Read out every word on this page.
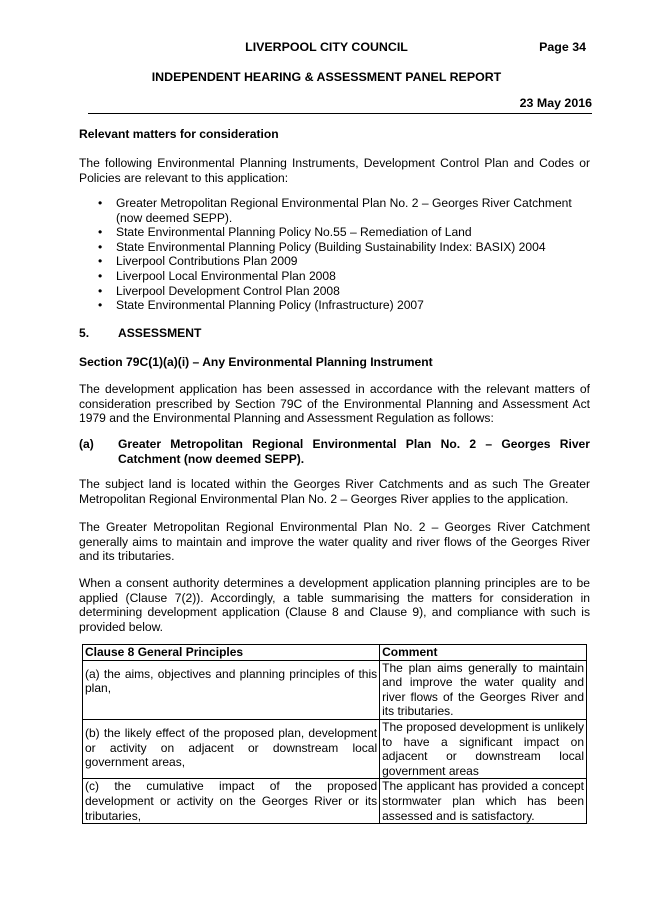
LIVERPOOL CITY COUNCIL	Page 34
INDEPENDENT HEARING & ASSESSMENT PANEL REPORT
23 May 2016
Relevant matters for consideration
The following Environmental Planning Instruments, Development Control Plan and Codes or Policies are relevant to this application:
• Greater Metropolitan Regional Environmental Plan No. 2 – Georges River Catchment (now deemed SEPP).
• State Environmental Planning Policy No.55 – Remediation of Land
• State Environmental Planning Policy (Building Sustainability Index: BASIX) 2004
• Liverpool Contributions Plan 2009
• Liverpool Local Environmental Plan 2008
• Liverpool Development Control Plan 2008
• State Environmental Planning Policy (Infrastructure) 2007
5. ASSESSMENT
Section 79C(1)(a)(i) – Any Environmental Planning Instrument
The development application has been assessed in accordance with the relevant matters of consideration prescribed by Section 79C of the Environmental Planning and Assessment Act 1979 and the Environmental Planning and Assessment Regulation as follows:
(a) Greater Metropolitan Regional Environmental Plan No. 2 – Georges River Catchment (now deemed SEPP).
The subject land is located within the Georges River Catchments and as such The Greater Metropolitan Regional Environmental Plan No. 2 – Georges River applies to the application.
The Greater Metropolitan Regional Environmental Plan No. 2 – Georges River Catchment generally aims to maintain and improve the water quality and river flows of the Georges River and its tributaries.
When a consent authority determines a development application planning principles are to be applied (Clause 7(2)). Accordingly, a table summarising the matters for consideration in determining development application (Clause 8 and Clause 9), and compliance with such is provided below.
Clause 8 General Principles	Comment
(a) the aims, objectives and planning principles of this plan,	The plan aims generally to maintain and improve the water quality and river flows of the Georges River and its tributaries.
(b) the likely effect of the proposed plan, development or activity on adjacent or downstream local government areas,	The proposed development is unlikely to have a significant impact on adjacent or downstream local government areas
(c) the cumulative impact of the proposed development or activity on the Georges River or its tributaries,	The applicant has provided a concept stormwater plan which has been assessed and is satisfactory.
